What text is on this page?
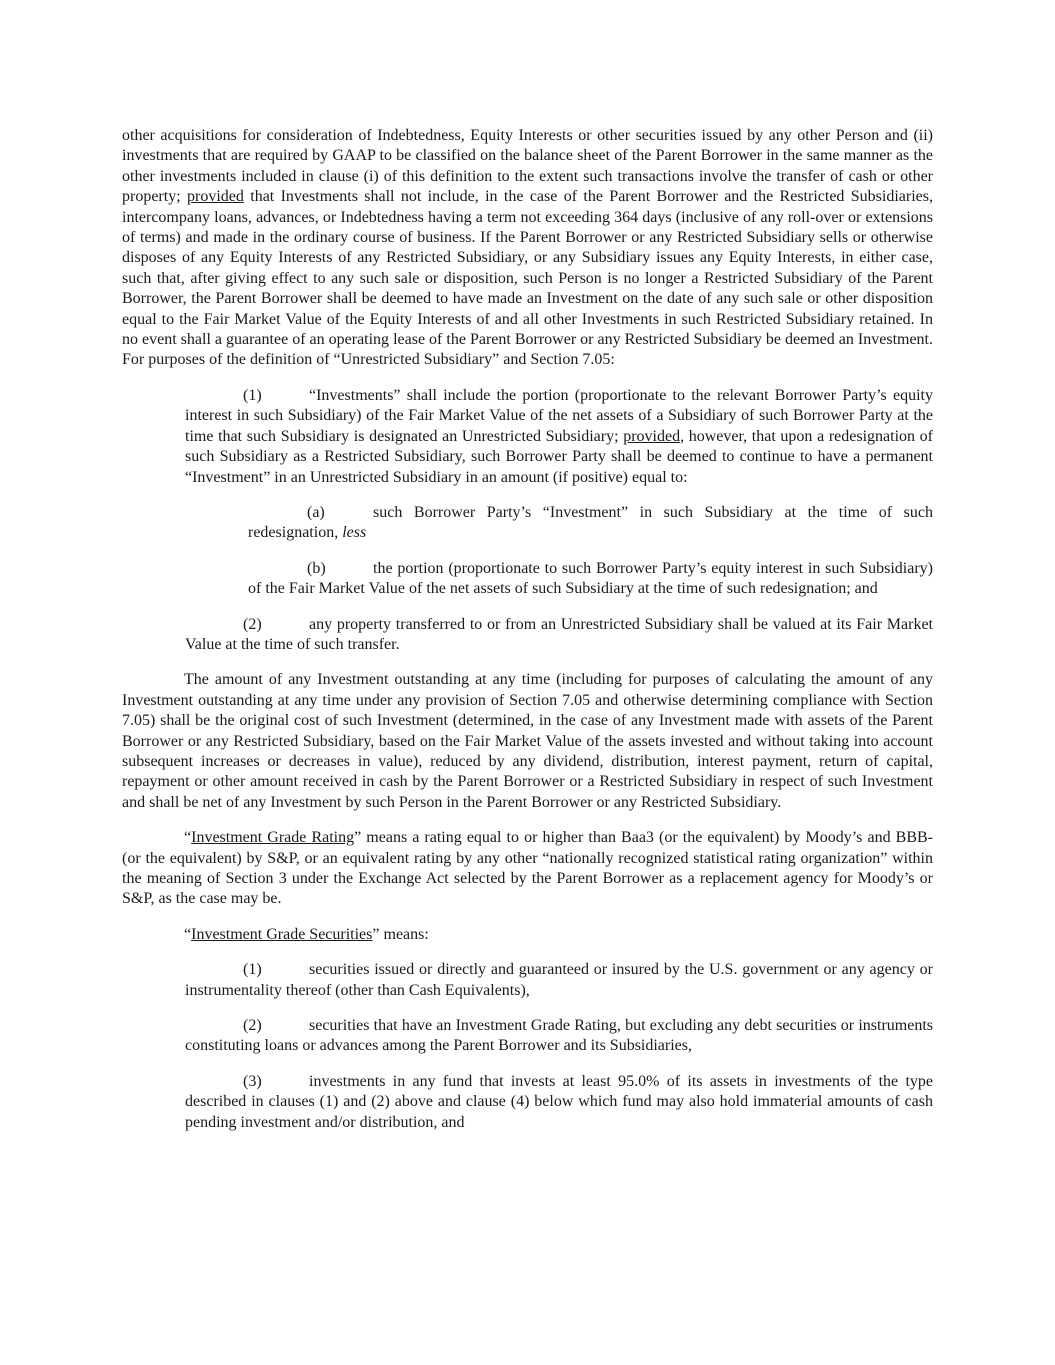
other acquisitions for consideration of Indebtedness, Equity Interests or other securities issued by any other Person and (ii) investments that are required by GAAP to be classified on the balance sheet of the Parent Borrower in the same manner as the other investments included in clause (i) of this definition to the extent such transactions involve the transfer of cash or other property; provided that Investments shall not include, in the case of the Parent Borrower and the Restricted Subsidiaries, intercompany loans, advances, or Indebtedness having a term not exceeding 364 days (inclusive of any roll-over or extensions of terms) and made in the ordinary course of business. If the Parent Borrower or any Restricted Subsidiary sells or otherwise disposes of any Equity Interests of any Restricted Subsidiary, or any Subsidiary issues any Equity Interests, in either case, such that, after giving effect to any such sale or disposition, such Person is no longer a Restricted Subsidiary of the Parent Borrower, the Parent Borrower shall be deemed to have made an Investment on the date of any such sale or other disposition equal to the Fair Market Value of the Equity Interests of and all other Investments in such Restricted Subsidiary retained. In no event shall a guarantee of an operating lease of the Parent Borrower or any Restricted Subsidiary be deemed an Investment. For purposes of the definition of “Unrestricted Subsidiary” and Section 7.05:

(1)	“Investments” shall include the portion (proportionate to the relevant Borrower Party’s equity interest in such Subsidiary) of the Fair Market Value of the net assets of a Subsidiary of such Borrower Party at the time that such Subsidiary is designated an Unrestricted Subsidiary; provided, however, that upon a redesignation of such Subsidiary as a Restricted Subsidiary, such Borrower Party shall be deemed to continue to have a permanent “Investment” in an Unrestricted Subsidiary in an amount (if positive) equal to:

(a)	such Borrower Party’s “Investment” in such Subsidiary at the time of such redesignation, less

(b)	the portion (proportionate to such Borrower Party’s equity interest in such Subsidiary) of the Fair Market Value of the net assets of such Subsidiary at the time of such redesignation; and

(2)	any property transferred to or from an Unrestricted Subsidiary shall be valued at its Fair Market Value at the time of such transfer.

The amount of any Investment outstanding at any time (including for purposes of calculating the amount of any Investment outstanding at any time under any provision of Section 7.05 and otherwise determining compliance with Section 7.05) shall be the original cost of such Investment (determined, in the case of any Investment made with assets of the Parent Borrower or any Restricted Subsidiary, based on the Fair Market Value of the assets invested and without taking into account subsequent increases or decreases in value), reduced by any dividend, distribution, interest payment, return of capital, repayment or other amount received in cash by the Parent Borrower or a Restricted Subsidiary in respect of such Investment and shall be net of any Investment by such Person in the Parent Borrower or any Restricted Subsidiary.

“Investment Grade Rating” means a rating equal to or higher than Baa3 (or the equivalent) by Moody’s and BBB- (or the equivalent) by S&P, or an equivalent rating by any other “nationally recognized statistical rating organization” within the meaning of Section 3 under the Exchange Act selected by the Parent Borrower as a replacement agency for Moody’s or S&P, as the case may be.

“Investment Grade Securities” means:

(1)	securities issued or directly and guaranteed or insured by the U.S. government or any agency or instrumentality thereof (other than Cash Equivalents),

(2)	securities that have an Investment Grade Rating, but excluding any debt securities or instruments constituting loans or advances among the Parent Borrower and its Subsidiaries,

(3)	investments in any fund that invests at least 95.0% of its assets in investments of the type described in clauses (1) and (2) above and clause (4) below which fund may also hold immaterial amounts of cash pending investment and/or distribution, and
